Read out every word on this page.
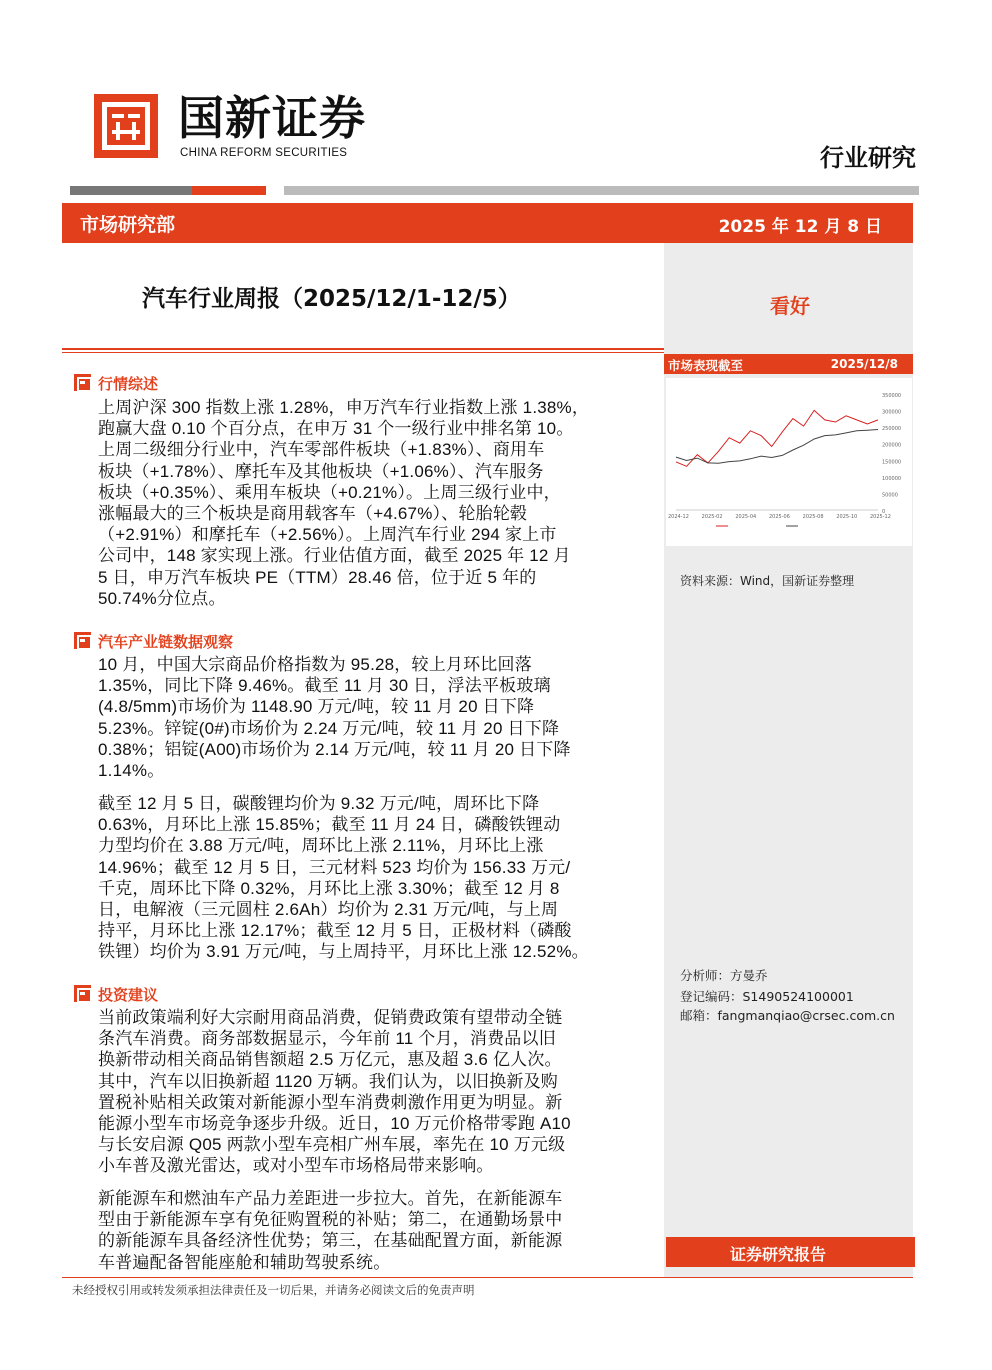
国新证券
CHINA REFORM SECURITIES	行业研究
市场研究部	2025 年 12 月 8 日
汽车行业周报（2025/12/1-12/5）	看好
市场表现截至	2025/12/8
350000
300000
250000
200000
150000
100000
50000
0
2024-12	2025-02	2025-04	2025-06	2025-08	2025-10	2025-12
资料来源：Wind，国新证券整理
行情综述
上周沪深 300 指数上涨 1.28%，申万汽车行业指数上涨 1.38%，
跑赢大盘 0.10 个百分点，在申万 31 个一级行业中排名第 10。
上周二级细分行业中，汽车零部件板块（+1.83%）、商用车
板块（+1.78%）、摩托车及其他板块（+1.06%）、汽车服务
板块（+0.35%）、乘用车板块（+0.21%）。上周三级行业中，
涨幅最大的三个板块是商用载客车（+4.67%）、轮胎轮毂
（+2.91%）和摩托车（+2.56%）。上周汽车行业 294 家上市
公司中，148 家实现上涨。行业估值方面，截至 2025 年 12 月
5 日，申万汽车板块 PE（TTM）28.46 倍，位于近 5 年的
50.74%分位点。
汽车产业链数据观察
10 月，中国大宗商品价格指数为 95.28，较上月环比回落
1.35%，同比下降 9.46%。截至 11 月 30 日，浮法平板玻璃
(4.8/5mm)市场价为 1148.90 万元/吨，较 11 月 20 日下降
5.23%。锌锭(0#)市场价为 2.24 万元/吨，较 11 月 20 日下降
0.38%；铝锭(A00)市场价为 2.14 万元/吨，较 11 月 20 日下降
1.14%。
截至 12 月 5 日，碳酸锂均价为 9.32 万元/吨，周环比下降
0.63%，月环比上涨 15.85%；截至 11 月 24 日，磷酸铁锂动
力型均价在 3.88 万元/吨，周环比上涨 2.11%，月环比上涨
14.96%；截至 12 月 5 日，三元材料 523 均价为 156.33 万元/
千克，周环比下降 0.32%，月环比上涨 3.30%；截至 12 月 8
日，电解液（三元圆柱 2.6Ah）均价为 2.31 万元/吨，与上周
持平，月环比上涨 12.17%；截至 12 月 5 日，正极材料（磷酸
铁锂）均价为 3.91 万元/吨，与上周持平，月环比上涨 12.52%。
投资建议
当前政策端利好大宗耐用商品消费，促销费政策有望带动全链
条汽车消费。商务部数据显示，今年前 11 个月，消费品以旧
换新带动相关商品销售额超 2.5 万亿元，惠及超 3.6 亿人次。
其中，汽车以旧换新超 1120 万辆。我们认为，以旧换新及购
置税补贴相关政策对新能源小型车消费刺激作用更为明显。新
能源小型车市场竞争逐步升级。近日，10 万元价格带零跑 A10
与长安启源 Q05 两款小型车亮相广州车展，率先在 10 万元级
小车普及激光雷达，或对小型车市场格局带来影响。
新能源车和燃油车产品力差距进一步拉大。首先，在新能源车
型由于新能源车享有免征购置税的补贴；第二，在通勤场景中
的新能源车具备经济性优势；第三，在基础配置方面，新能源
车普遍配备智能座舱和辅助驾驶系统。
分析师：方曼乔
登记编码：S1490524100001
邮箱：fangmanqiao@crsec.com.cn
证券研究报告
未经授权引用或转发须承担法律责任及一切后果，并请务必阅读文后的免责声明
